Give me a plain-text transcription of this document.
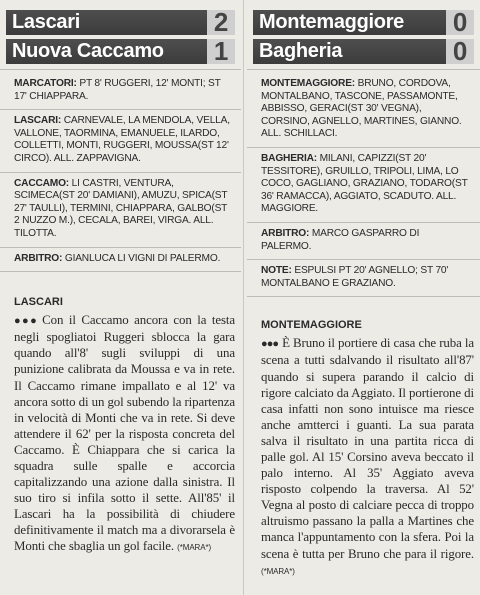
Lascari	2
Nuova Caccamo 1
MARCATORI: PT 8' RUGGERI, 12' MONTI; ST 17' CHIAPPARA.
LASCARI: CARNEVALE, LA MENDOLA, VELLA, VALLONE, TAORMINA, EMANUELE, ILARDO, COLLETTI, MONTI, RUGGERI, MOUSSA(ST 12' CIRCO). ALL. ZAPPAVIGNA.
CACCAMO: LI CASTRI, VENTURA, SCIMECA(ST 20' DAMIANI), AMUZU, SPICA(ST 27' TAULLI), TERMINI, CHIAPPARA, GALBO(ST 2 NUZZO M.), CECALA, BAREI, VIRGA. ALL. TILOTTA.
ARBITRO: GIANLUCA LI VIGNI DI PALERMO.
LASCARI
●●● Con il Caccamo ancora con la testa negli spogliatoi Ruggeri sblocca la gara quando all'8' sugli sviluppi di una punizione calibrata da Moussa e va in rete. Il Caccamo rimane impallato e al 12' va ancora sotto di un gol subendo la ripartenza in velocità di Monti che va in rete. Si deve attendere il 62' per la risposta concreta del Caccamo. È Chiappara che si carica la squadra sulle spalle e accorcia capitalizzando una azione dalla sinistra. Il suo tiro si infila sotto il sette. All'85' il Lascari ha la possibilità di chiudere definitivamente il match ma a divorarsela è Monti che sbaglia un gol facile. (*MARA*)
Montemaggiore 0
Bagheria	0
MONTEMAGGIORE: BRUNO, CORDOVA, MONTALBANO, TASCONE, PASSAMONTE, ABBISSO, GERACI(ST 30' VEGNA), CORSINO, AGNELLO, MARTINES, GIANNO. ALL. SCHILLACI.
BAGHERIA: MILANI, CAPIZZI(ST 20' TESSITORE), GRUILLO, TRIPOLI, LIMA, LO COCO, GAGLIANO, GRAZIANO, TODARO(ST 36' RAMACCA), AGGIATO, SCADUTO. ALL. MAGGIORE.
ARBITRO: MARCO GASPARRO DI PALERMO.
NOTE: ESPULSI PT 20' AGNELLO; ST 70' MONTALBANO E GRAZIANO.
MONTEMAGGIORE
●●● È Bruno il portiere di casa che ruba la scena a tutti sdalvando il risultato all'87' quando si supera parando il calcio di rigore calciato da Aggiato. Il portierone di casa infatti non sono intuisce ma riesce anche amtterci i guanti. La sua parata salva il risultato in una partita ricca di palle gol. Al 15' Corsino aveva beccato il palo interno. Al 35' Aggiato aveva risposto colpendo la traversa. Al 52' Vegna al posto di calciare pecca di troppo altruismo passano la palla a Martines che manca l'appuntamento con la sfera. Poi la scena è tutta per Bruno che para il rigore. (*MARA*)
